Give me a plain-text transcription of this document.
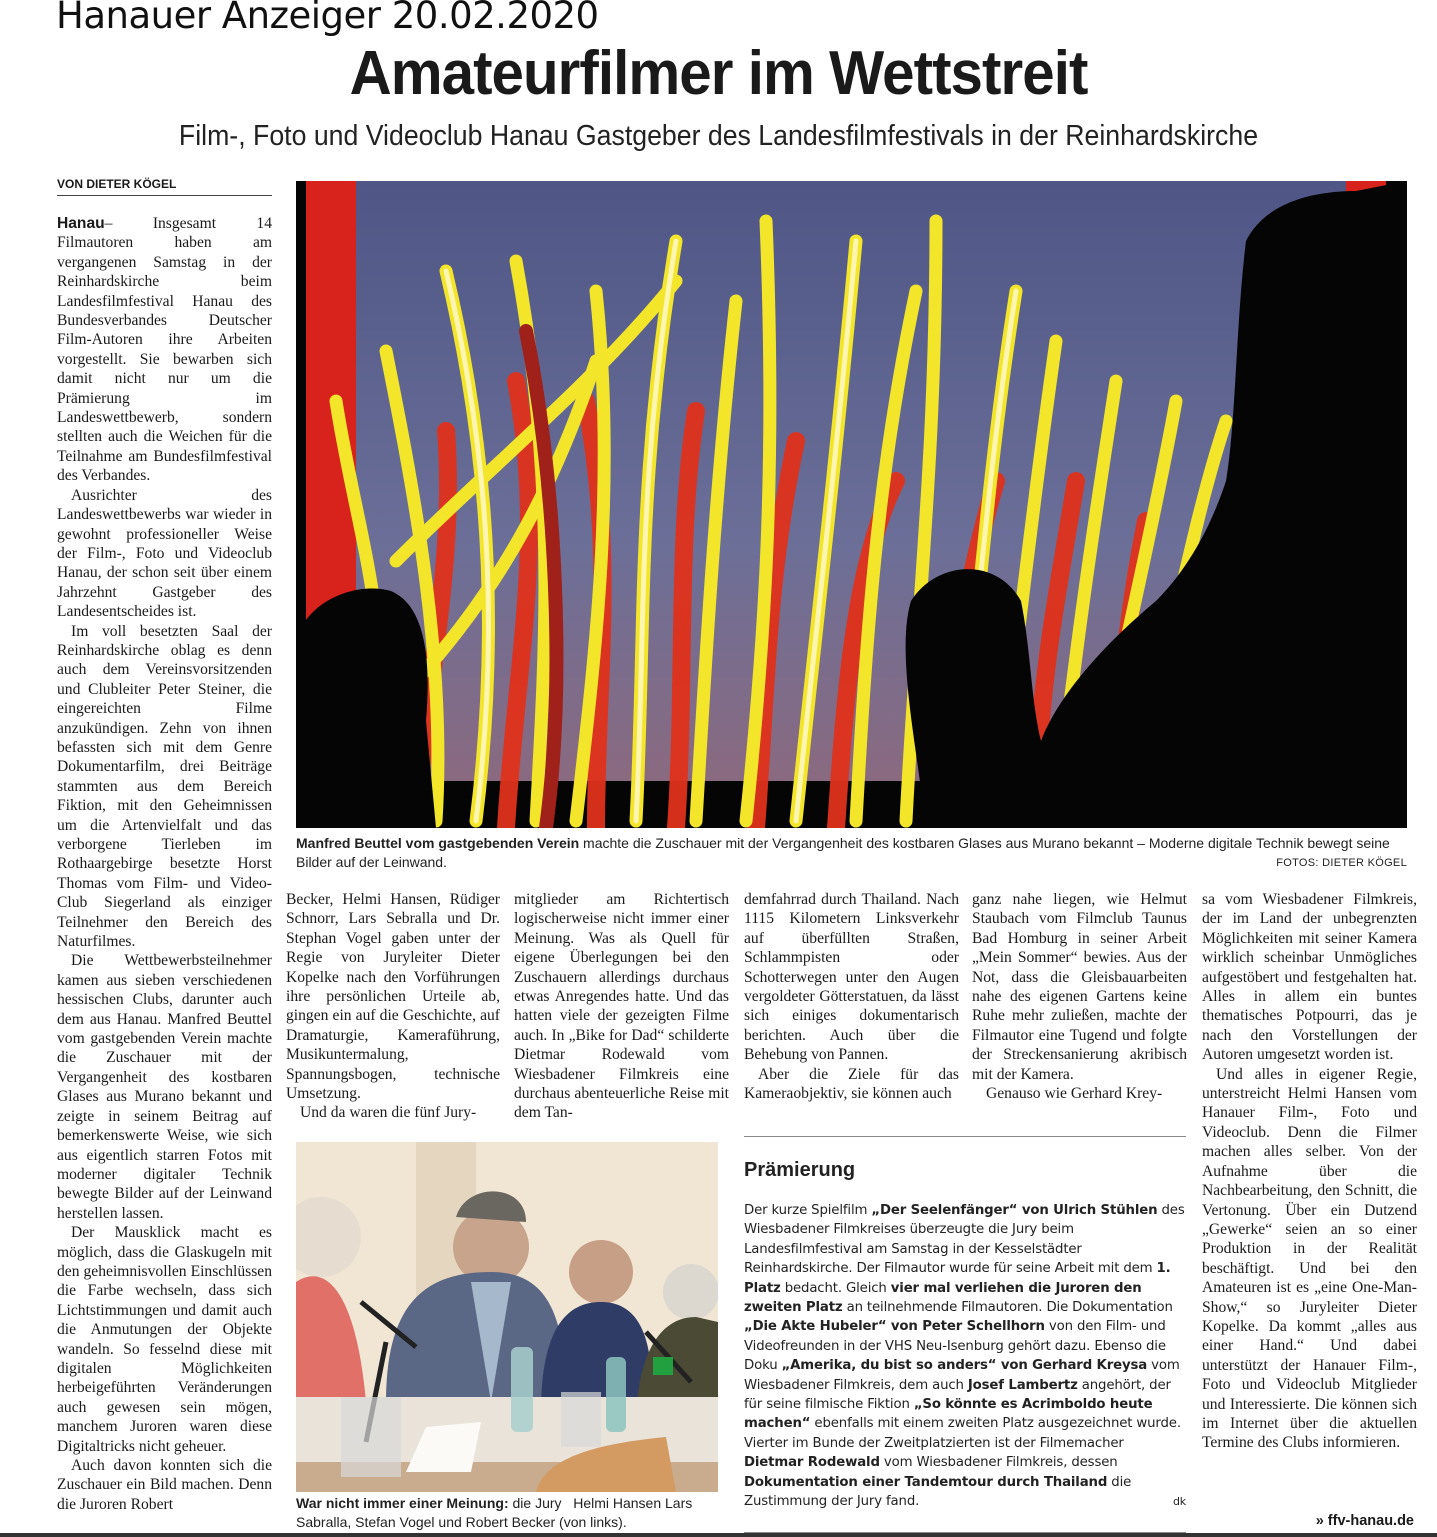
Hanauer Anzeiger 20.02.2020
Amateurfilmer im Wettstreit
Film-, Foto und Videoclub Hanau Gastgeber des Landesfilmfestivals in der Reinhardskirche
VON DIETER KÖGEL

Hanau– Insgesamt 14 Filmautoren haben am vergangenen Samstag in der Reinhardskirche beim Landesfilmfestival Hanau des Bundesverbandes Deutscher Film-Autoren ihre Arbeiten vorgestellt. Sie bewarben sich damit nicht nur um die Prämierung im Landeswettbewerb, sondern stellten auch die Weichen für die Teilnahme am Bundesfilmfestival des Verbandes.

Ausrichter des Landeswettbewerbs war wieder in gewohnt professioneller Weise der Film-, Foto und Videoclub Hanau, der schon seit über einem Jahrzehnt Gastgeber des Landesentscheides ist.

Im voll besetzten Saal der Reinhardskirche oblag es denn auch dem Vereinsvorsitzenden und Clubleiter Peter Steiner, die eingereichten Filme anzukündigen. Zehn von ihnen befassten sich mit dem Genre Dokumentarfilm, drei Beiträge stammten aus dem Bereich Fiktion, mit den Geheimnissen um die Artenvielfalt und das verborgene Tierleben im Rothaargebirge besetzte Horst Thomas vom Film- und Video-Club Siegerland als einziger Teilnehmer den Bereich des Naturfilmes.

Die Wettbewerbsteilnehmer kamen aus sieben verschiedenen hessischen Clubs, darunter auch dem aus Hanau. Manfred Beuttel vom gastgebenden Verein machte die Zuschauer mit der Vergangenheit des kostbaren Glases aus Murano bekannt und zeigte in seinem Beitrag auf bemerkenswerte Weise, wie sich aus eigentlich starren Fotos mit moderner digitaler Technik bewegte Bilder auf der Leinwand herstellen lassen.

Der Mausklick macht es möglich, dass die Glaskugeln mit den geheimnisvollen Einschlüssen die Farbe wechseln, dass sich Lichtstimmungen und damit auch die Anmutungen der Objekte wandeln. So fesselnd diese mit digitalen Möglichkeiten herbeigeführten Veränderungen auch gewesen sein mögen, manchem Juroren waren diese Digitaltricks nicht geheuer.

Auch davon konnten sich die Zuschauer ein Bild machen. Denn die Juroren Robert

Manfred Beuttel vom gastgebenden Verein machte die Zuschauer mit der Vergangenheit des kostbaren Glases aus Murano bekannt – Moderne digitale Technik bewegt seine Bilder auf der Leinwand.	FOTOS: DIETER KÖGEL

Becker, Helmi Hansen, Rüdiger Schnorr, Lars Sebralla und Dr. Stephan Vogel gaben unter der Regie von Juryleiter Dieter Kopelke nach den Vorführungen ihre persönlichen Urteile ab, gingen ein auf die Geschichte, auf Dramaturgie, Kameraführung, Musikuntermalung, Spannungsbogen, technische Umsetzung.

Und da waren die fünf Jury-

mitglieder am Richtertisch logischerweise nicht immer einer Meinung. Was als Quell für eigene Überlegungen bei den Zuschauern allerdings durchaus etwas Anregendes hatte. Und das hatten viele der gezeigten Filme auch. In „Bike for Dad“ schilderte Dietmar Rodewald vom Wiesbadener Filmkreis eine durchaus abenteuerliche Reise mit dem Tan-

demfahrrad durch Thailand. Nach 1115 Kilometern Linksverkehr auf überfüllten Straßen, Schlammpisten oder Schotterwegen unter den Augen vergoldeter Götterstatuen, da lässt sich einiges dokumentarisch berichten. Auch über die Behebung von Pannen.

Aber die Ziele für das Kameraobjektiv, sie können auch

ganz nahe liegen, wie Helmut Staubach vom Filmclub Taunus Bad Homburg in seiner Arbeit „Mein Sommer“ bewies. Aus der Not, dass die Gleisbauarbeiten nahe des eigenen Gartens keine Ruhe mehr zuließen, machte der Filmautor eine Tugend und folgte der Streckensanierung akribisch mit der Kamera.

Genauso wie Gerhard Krey-

sa vom Wiesbadener Filmkreis, der im Land der unbegrenzten Möglichkeiten mit seiner Kamera wirklich scheinbar Unmögliches aufgestöbert und festgehalten hat. Alles in allem ein buntes thematisches Potpourri, das je nach den Vorstellungen der Autoren umgesetzt worden ist.

Und alles in eigener Regie, unterstreicht Helmi Hansen vom Hanauer Film-, Foto und Videoclub. Denn die Filmer machen alles selber. Von der Aufnahme über die Nachbearbeitung, den Schnitt, die Vertonung. Über ein Dutzend „Gewerke“ seien an so einer Produktion in der Realität beschäftigt. Und bei den Amateuren ist es „eine One-Man-Show,“ so Juryleiter Dieter Kopelke. Da kommt „alles aus einer Hand.“ Und dabei unterstützt der Hanauer Film-, Foto und Videoclub Mitglieder und Interessierte. Die können sich im Internet über die aktuellen Termine des Clubs informieren.

War nicht immer einer Meinung: die Jury   Helmi Hansen Lars Sabralla, Stefan Vogel und Robert Becker (von links).
Prämierung
Der kurze Spielfilm „Der Seelenfänger“ von Ulrich Stühlen des Wiesbadener Filmkreises überzeugte die Jury beim Landesfilmfestival am Samstag in der Kesselstädter Reinhardskirche. Der Filmautor wurde für seine Arbeit mit dem 1. Platz bedacht. Gleich vier mal verliehen die Juroren den zweiten Platz an teilnehmende Filmautoren. Die Dokumentation „Die Akte Hubeler“ von Peter Schellhorn von den Film- und Videofreunden in der VHS Neu-Isenburg gehört dazu. Ebenso die Doku „Amerika, du bist so anders“ von Gerhard Kreysa vom Wiesbadener Filmkreis, dem auch Josef Lambertz angehört, der für seine filmische Fiktion „So könnte es Acrimboldo heute machen“ ebenfalls mit einem zweiten Platz ausgezeichnet wurde. Vierter im Bunde der Zweitplatzierten ist der Filmemacher Dietmar Rodewald vom Wiesbadener Filmkreis, dessen Dokumentation einer Tandemtour durch Thailand die Zustimmung der Jury fand.	dk
» ffv-hanau.de
